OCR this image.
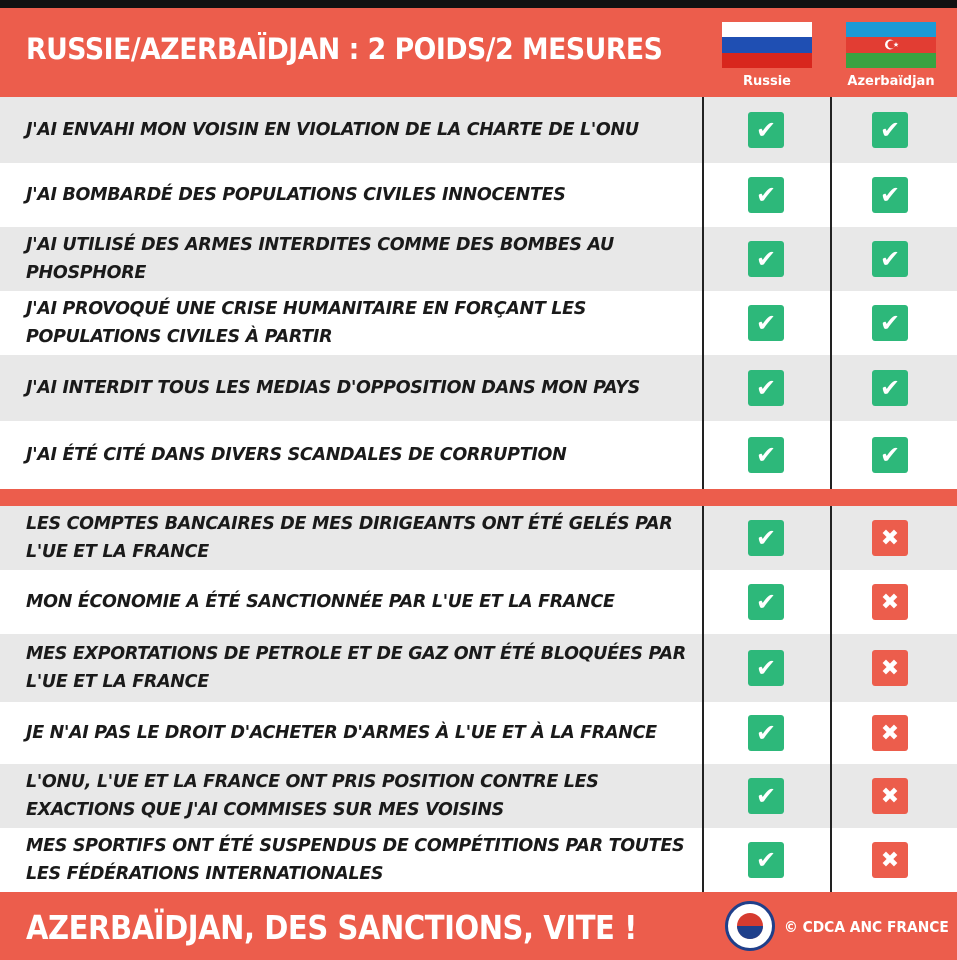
RUSSIE/AZERBAÏDJAN : 2 POIDS/2 MESURES
Russie	Azerbaïdjan
J'AI ENVAHI MON VOISIN EN VIOLATION DE LA CHARTE DE L'ONU	✔	✔
J'AI BOMBARDÉ DES POPULATIONS CIVILES INNOCENTES	✔	✔
J'AI UTILISÉ DES ARMES INTERDITES COMME DES BOMBES AU PHOSPHORE	✔	✔
J'AI PROVOQUÉ UNE CRISE HUMANITAIRE EN FORÇANT LES POPULATIONS CIVILES À PARTIR	✔	✔
J'AI INTERDIT TOUS LES MEDIAS D'OPPOSITION DANS MON PAYS	✔	✔
J'AI ÉTÉ CITÉ DANS DIVERS SCANDALES DE CORRUPTION	✔	✔
LES COMPTES BANCAIRES DE MES DIRIGEANTS ONT ÉTÉ GELÉS PAR L'UE ET LA FRANCE	✔	✖
MON ÉCONOMIE A ÉTÉ SANCTIONNÉE PAR L'UE ET LA FRANCE	✔	✖
MES EXPORTATIONS DE PETROLE ET DE GAZ ONT ÉTÉ BLOQUÉES PAR L'UE ET LA FRANCE	✔	✖
JE N'AI PAS LE DROIT D'ACHETER D'ARMES À L'UE ET À LA FRANCE	✔	✖
L'ONU, L'UE ET LA FRANCE ONT PRIS POSITION CONTRE LES EXACTIONS QUE J'AI COMMISES SUR MES VOISINS	✔	✖
MES SPORTIFS ONT ÉTÉ SUSPENDUS DE COMPÉTITIONS PAR TOUTES LES FÉDÉRATIONS INTERNATIONALES	✔	✖
AZERBAÏDJAN, DES SANCTIONS, VITE !	© CDCA ANC FRANCE
